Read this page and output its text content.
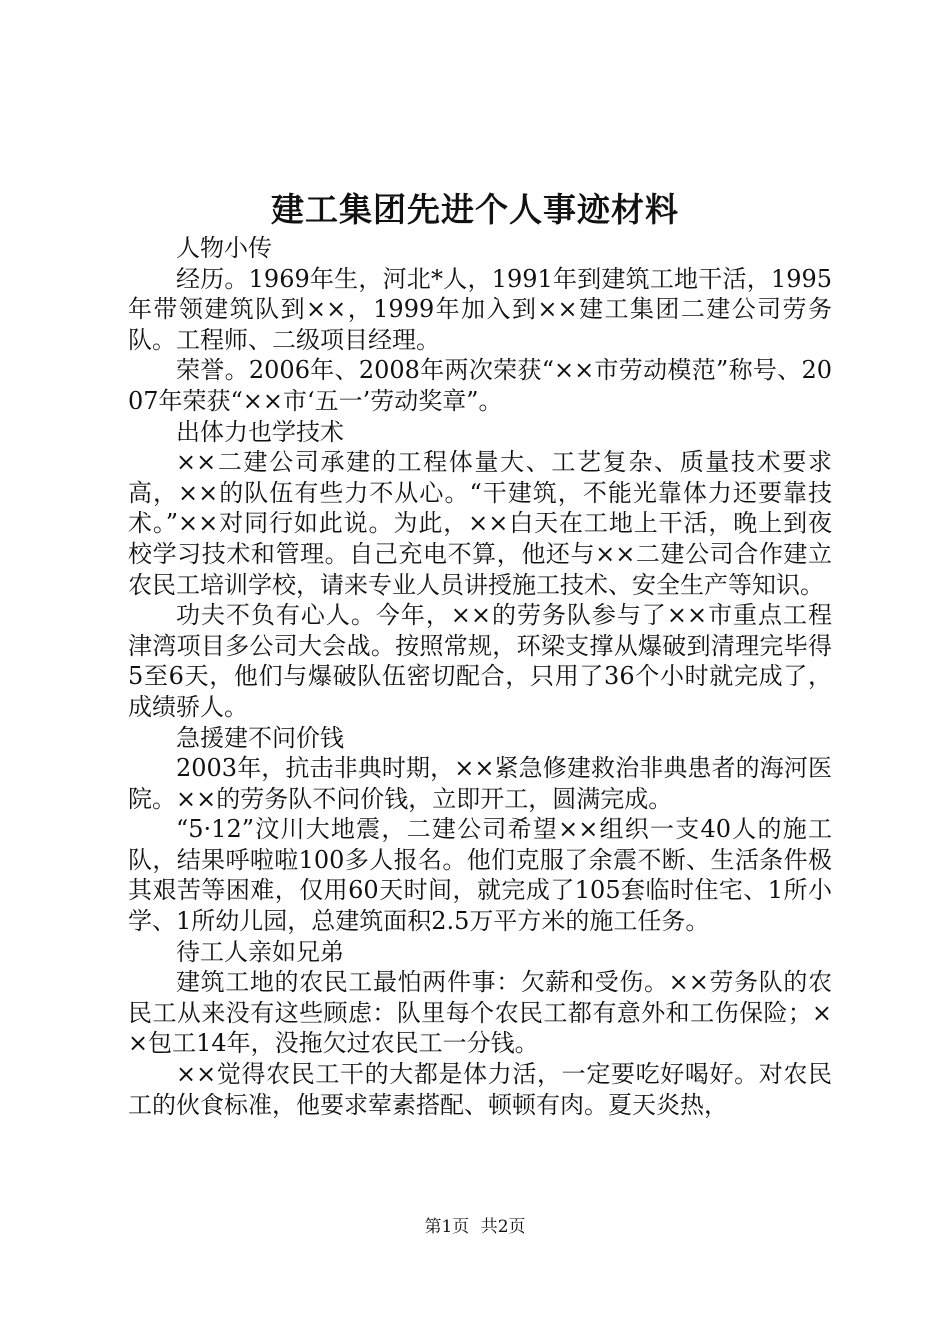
建工集团先进个人事迹材料

人物小传

经历。1969年生，河北*人，1991年到建筑工地干活，1995年带领建筑队到××，1999年加入到××建工集团二建公司劳务队。工程师、二级项目经理。

荣誉。2006年、2008年两次荣获“××市劳动模范”称号、2007年荣获“××市‘五一’劳动奖章”。

出体力也学技术

××二建公司承建的工程体量大、工艺复杂、质量技术要求高，××的队伍有些力不从心。“干建筑，不能光靠体力还要靠技术。”××对同行如此说。为此，××白天在工地上干活，晚上到夜校学习技术和管理。自己充电不算，他还与××二建公司合作建立农民工培训学校，请来专业人员讲授施工技术、安全生产等知识。

功夫不负有心人。今年，××的劳务队参与了××市重点工程津湾项目多公司大会战。按照常规，环梁支撑从爆破到清理完毕得5至6天，他们与爆破队伍密切配合，只用了36个小时就完成了，成绩骄人。

急援建不问价钱

2003年，抗击非典时期，××紧急修建救治非典患者的海河医院。××的劳务队不问价钱，立即开工，圆满完成。

“5·12”汶川大地震，二建公司希望××组织一支40人的施工队，结果呼啦啦100多人报名。他们克服了余震不断、生活条件极其艰苦等困难，仅用60天时间，就完成了105套临时住宅、1所小学、1所幼儿园，总建筑面积2.5万平方米的施工任务。

待工人亲如兄弟

建筑工地的农民工最怕两件事：欠薪和受伤。××劳务队的农民工从来没有这些顾虑：队里每个农民工都有意外和工伤保险；××包工14年，没拖欠过农民工一分钱。

××觉得农民工干的大都是体力活，一定要吃好喝好。对农民工的伙食标准，他要求荤素搭配、顿顿有肉。夏天炎热，

第1页 共2页
